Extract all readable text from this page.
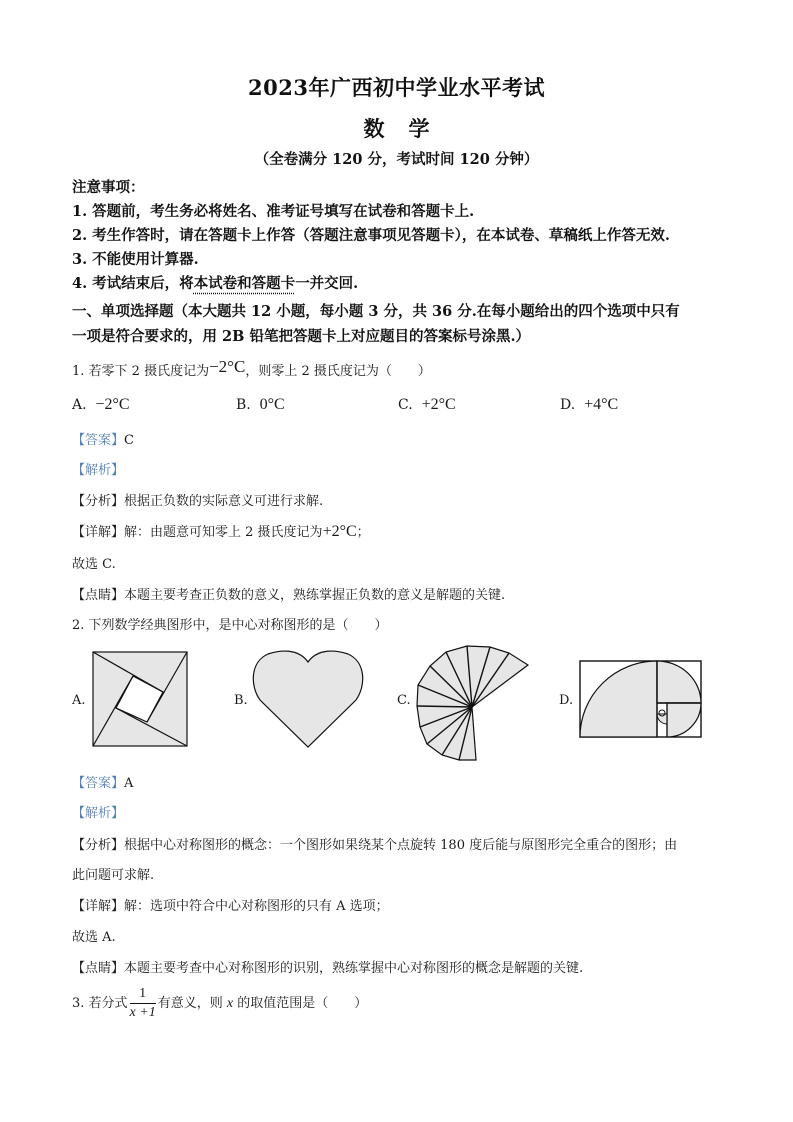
2023年广西初中学业水平考试
数学
（全卷满分 120 分，考试时间 120 分钟）
注意事项：
1. 答题前，考生务必将姓名、准考证号填写在试卷和答题卡上.
2. 考生作答时，请在答题卡上作答（答题注意事项见答题卡），在本试卷、草稿纸上作答无效.
3. 不能使用计算器.
4. 考试结束后，将本试卷和答题卡一并交回.
一、单项选择题（本大题共 12 小题，每小题 3 分，共 36 分.在每小题给出的四个选项中只有
一项是符合要求的，用 2B 铅笔把答题卡上对应题目的答案标号涂黑.）
1. 若零下 2 摄氏度记为−2°C，则零上 2 摄氏度记为（　　）
A. −2°C	B. 0°C	C. +2°C	D. +4°C
【答案】C
【解析】
【分析】根据正负数的实际意义可进行求解.
【详解】解：由题意可知零上 2 摄氏度记为+2°C；
故选 C.
【点睛】本题主要考查正负数的意义，熟练掌握正负数的意义是解题的关键.
2. 下列数学经典图形中，是中心对称图形的是（　　）
A.	B.	C.	D.
【答案】A
【解析】
【分析】根据中心对称图形的概念：一个图形如果绕某个点旋转 180 度后能与原图形完全重合的图形；由
此问题可求解.
【详解】解：选项中符合中心对称图形的只有 A 选项；
故选 A.
【点睛】本题主要考查中心对称图形的识别，熟练掌握中心对称图形的概念是解题的关键.
3. 若分式 $\frac{1}{x +1}$ 有意义，则 x 的取值范围是（　　）
